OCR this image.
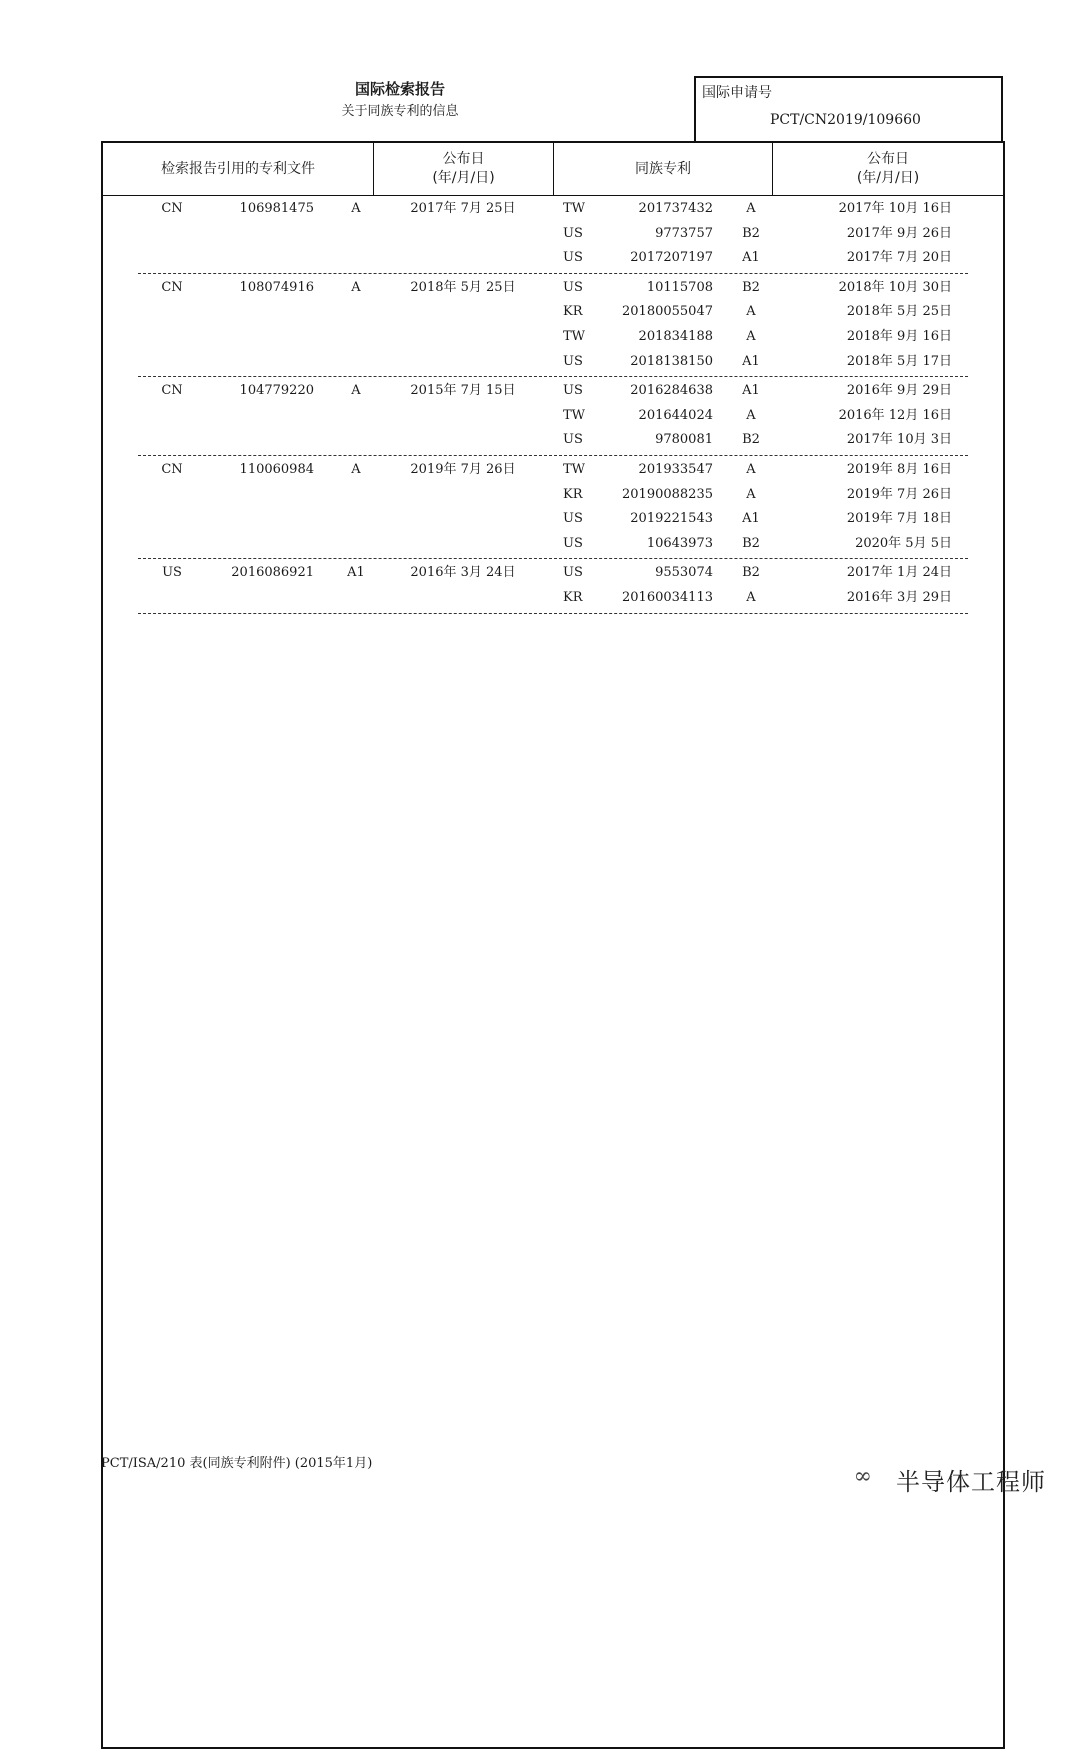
国际检索报告
关于同族专利的信息
国际申请号
PCT/CN2019/109660
检索报告引用的专利文件
公布日
(年/月/日)
同族专利
公布日
(年/月/日)
CN	106981475	A	2017年 7月 25日	TW	201737432	A	2017年 10月 16日
US	9773757	B2	2017年 9月 26日
US	2017207197	A1	2017年 7月 20日
CN	108074916	A	2018年 5月 25日	US	10115708	B2	2018年 10月 30日
KR	20180055047	A	2018年 5月 25日
TW	201834188	A	2018年 9月 16日
US	2018138150	A1	2018年 5月 17日
CN	104779220	A	2015年 7月 15日	US	2016284638	A1	2016年 9月 29日
TW	201644024	A	2016年 12月 16日
US	9780081	B2	2017年 10月 3日
CN	110060984	A	2019年 7月 26日	TW	201933547	A	2019年 8月 16日
KR	20190088235	A	2019年 7月 26日
US	2019221543	A1	2019年 7月 18日
US	10643973	B2	2020年 5月 5日
US	2016086921	A1	2016年 3月 24日	US	9553074	B2	2017年 1月 24日
KR	20160034113	A	2016年 3月 29日
PCT/ISA/210 表(同族专利附件) (2015年1月)
∞ 半导体工程师
